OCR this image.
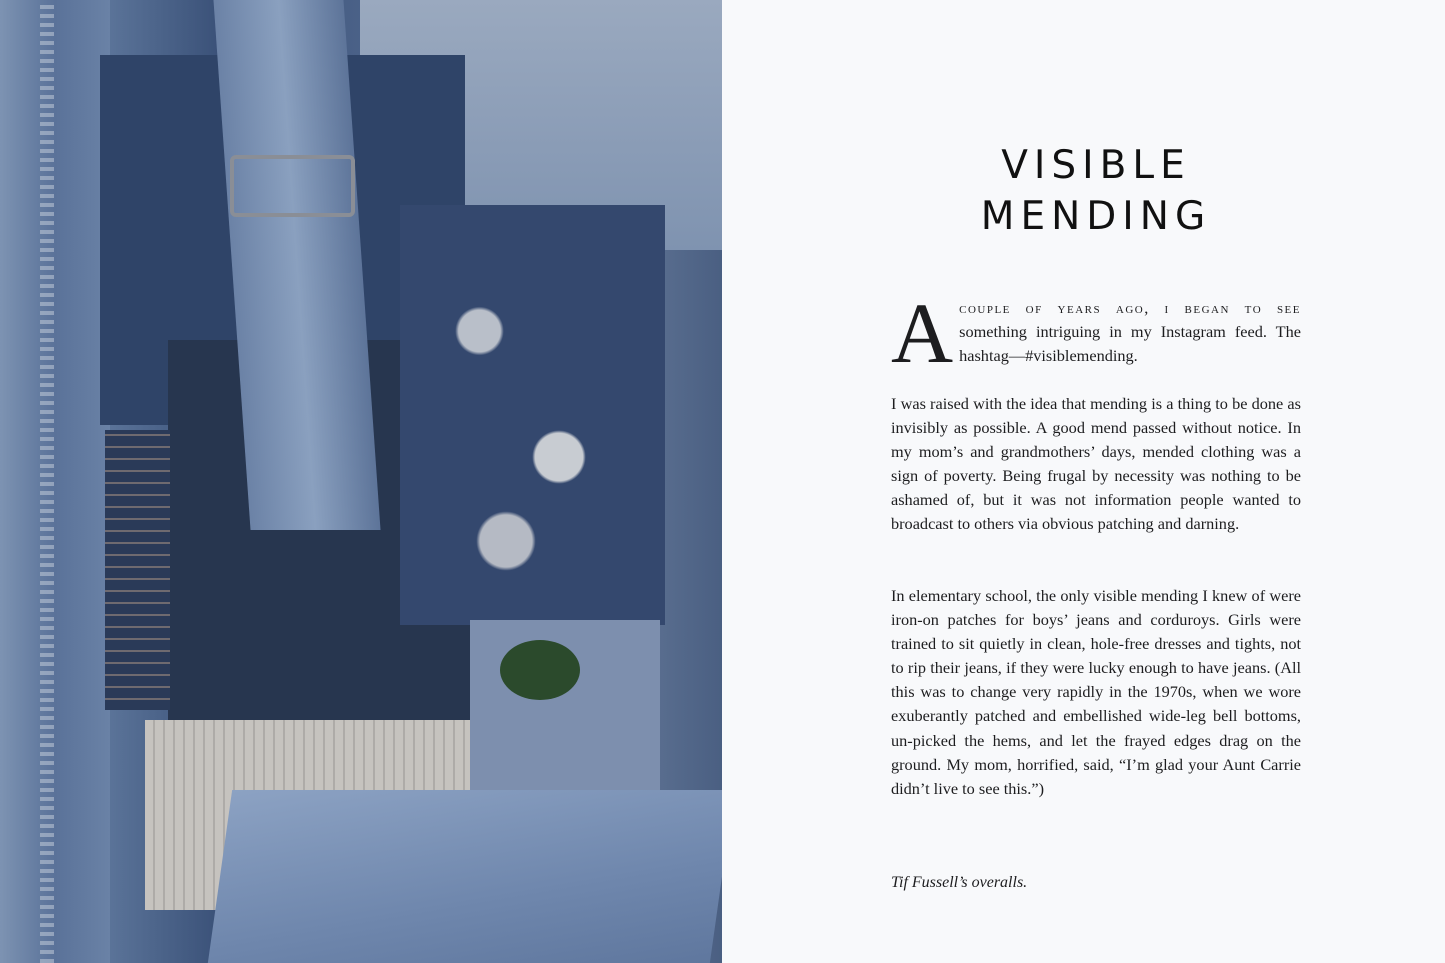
VISIBLE
MENDING
Acouple of years ago, i began to see something intriguing in my Instagram feed. The hashtag—#visiblemending.

I was raised with the idea that mending is a thing to be done as invisibly as possible. A good mend passed without notice. In my mom’s and grandmothers’ days, mended clothing was a sign of poverty. Being frugal by necessity was nothing to be ashamed of, but it was not information people wanted to broadcast to others via obvious patching and darning.

In elementary school, the only visible mending I knew of were iron-on patches for boys’ jeans and corduroys. Girls were trained to sit quietly in clean, hole-free dresses and tights, not to rip their jeans, if they were lucky enough to have jeans. (All this was to change very rapidly in the 1970s, when we wore exuberantly patched and embellished wide-leg bell bottoms, un-picked the hems, and let the frayed edges drag on the ground. My mom, horrified, said, “I’m glad your Aunt Carrie didn’t live to see this.”)

Tif Fussell’s overalls.
